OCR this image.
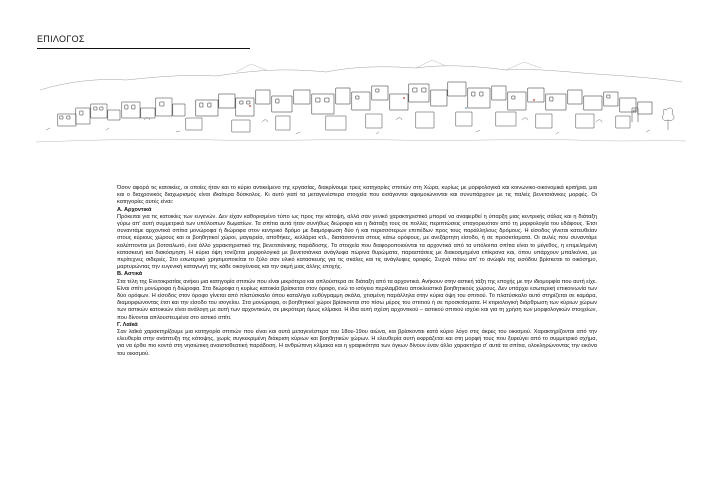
ΕΠΙΛΟΓΟΣ

Όσον αφορά τις κατοικίες, οι οποίες ήταν και το κύριο αντικείμενο της εργασίας, διακρίνουμε τρεις κατηγορίες σπιτιών στη Χώρα, κυρίως με μορφολογικά και κοινωνικο-οικονομικά κριτήρια, μια και ο διαχρονικός διαχωρισμός είναι ιδιαίτερα δύσκολος. Κι αυτό γιατί τα μεταγενέστερα στοιχεία που εισάγονται αφομοιώνονται και συνυπάρχουν με τις παλιές βενετσιάνικες μορφές. Οι κατηγορίες αυτές είναι:

Α. Αρχοντικά

Πρόκειται για τις κατοικίες των ευγενών. Δεν είχαν καθορισμένο τύπο ως προς την κάτοψη, αλλά σαν γενικό χαρακτηριστικό μπορεί να αναφερθεί η ύπαρξη μιας κεντρικής σάλας και η διάταξη γύρω απ' αυτή συμμετρικά των υπόλοιπων δωματίων. Τα σπίτια αυτά ήταν συνήθως διώροφα και η διάταξη τους σε πολλές περιπτώσεις υπαγορευόταν από τη μορφολογία του εδάφους. Έτσι συναντάμε αρχοντικά σπίτια μονώροφα ή διώροφα στον κεντρικό δρόμο με διαμόρφωση δύο ή και περισσότερων επιπέδων προς τους παράλληλους δρόμους. Η είσοδος γίνεται κατευθείαν στους κύριους χώρους και οι βοηθητικοί χώροι, μαγειρεία, αποθήκες, κελλάρια κτλ., διατάσσονται στους κάτω ορόφους, με ανεξάρτητη είσοδο, ή σε προσκτίσματα. Οι αυλές που συναντάμε καλύπτονται με βοτσαλωτό, ένα άλλο χαρακτηριστικό της βενετσιάνικης παράδοσης. Τα στοιχεία που διαφοροποιούνται τα αρχοντικά από τα υπόλοιπα σπίτια είναι το μέγεθος, η επιμελημένη κατασκευή και διακόσμηση. Η κύρια όψη τονίζεται μορφολογικά με βενετσιάνικα ανάγλυφα πώρινα θυρώματα, παραστάσεις με διακοσμημένα επίκρανα και, όπου υπάρχουν μπαλκόνια, με περίτεχνες σιδεριές. Στο εσωτερικό χρησιμοποιείται το ξύλο σαν υλικό κατασκευής για τις σκάλες και τις ανάγλυφες οροφές. Συχνά πάνω απ' το ανώφλι της εισόδου βρίσκεται το οικόσημο, μαρτυρώντας την ευγενική καταγωγή της κάθε οικογένειας και την ακμή μιας άλλης εποχής.

Β. Αστικά

Στα τέλη της Ενετοκρατίας ανήκει μια κατηγορία σπιτιών που είναι μικρότερα και απλούστερα σε διάταξη από τα αρχοντικά. Ανήκουν στην αστική τάξη της εποχής με την ιδιομορφία που αυτή είχε. Είναι σπίτι μονώροφα ή διώροφα. Στα διώροφα η κυρίως κατοικία βρίσκεται στον όροφο, ενώ το ισόγειο περιλαμβάνει αποκλειστικά βοηθητικούς χώρους. Δεν υπάρχει εσωτερική επικοινωνία των δύο ορόφων. Η είσοδος στον όροφο γίνεται από πλατύσκαλο όπου καταλήγει ευθύγραμμη σκάλα, χτισμένη παράλληλα στην κύρια όψη του σπιτιού. Το πλατύσκαλο αυτό στηρίζεται σε καμάρα, διαμορφώνοντας έτσι και την είσοδο του ισογείου. Στα μονώροφα, οι βοηθητικοί χώροι βρίσκονται στο πίσω μέρος του σπιτιού ή σε προσκτίσματα. Η κτιριολογική διάρθρωση των κύριων χώρων των αστικών κατοικιών είναι ανάλογη με αυτή των αρχοντικών, σε μικρότερη όμως κλίμακα. Η ίδια αυτή σχέση αρχοντικού – αστικού σπιτιού ισχύει και για τη χρήση των μορφολογικών στοιχείων, που δίνονται απλουστευμένα στο αστικό σπίτι.

Γ. Λαϊκά

Σαν λαϊκά χαρακτηρίζουμε μια κατηγορία σπιτιών που είναι και αυτά μεταγενέστερα του 18ου-19ου αιώνα, και βρίσκονται κατά κύριο λόγο στις άκρες του οικισμού. Χαρακτηρίζονται από την ελευθερία στην ανάπτυξη της κάτοψης, χωρίς συγκεκριμένη διάκριση κύριων και βοηθητικών χώρων. Η ελευθερία αυτή εκφράζεται και στη μορφή τους που ξεφεύγει από το συμμετρικό σχήμα, για να έρθει πιο κοντά στη νησιώτικη αναιστοθεατική παράδοση. Η ανθρώπινη κλίμακα και η γραφικότητα των όγκων δίνουν έναν άλλο χαρακτήρα σ' αυτά τα σπίτια, ολοκληρώνοντας την εικόνα του οικισμού.
